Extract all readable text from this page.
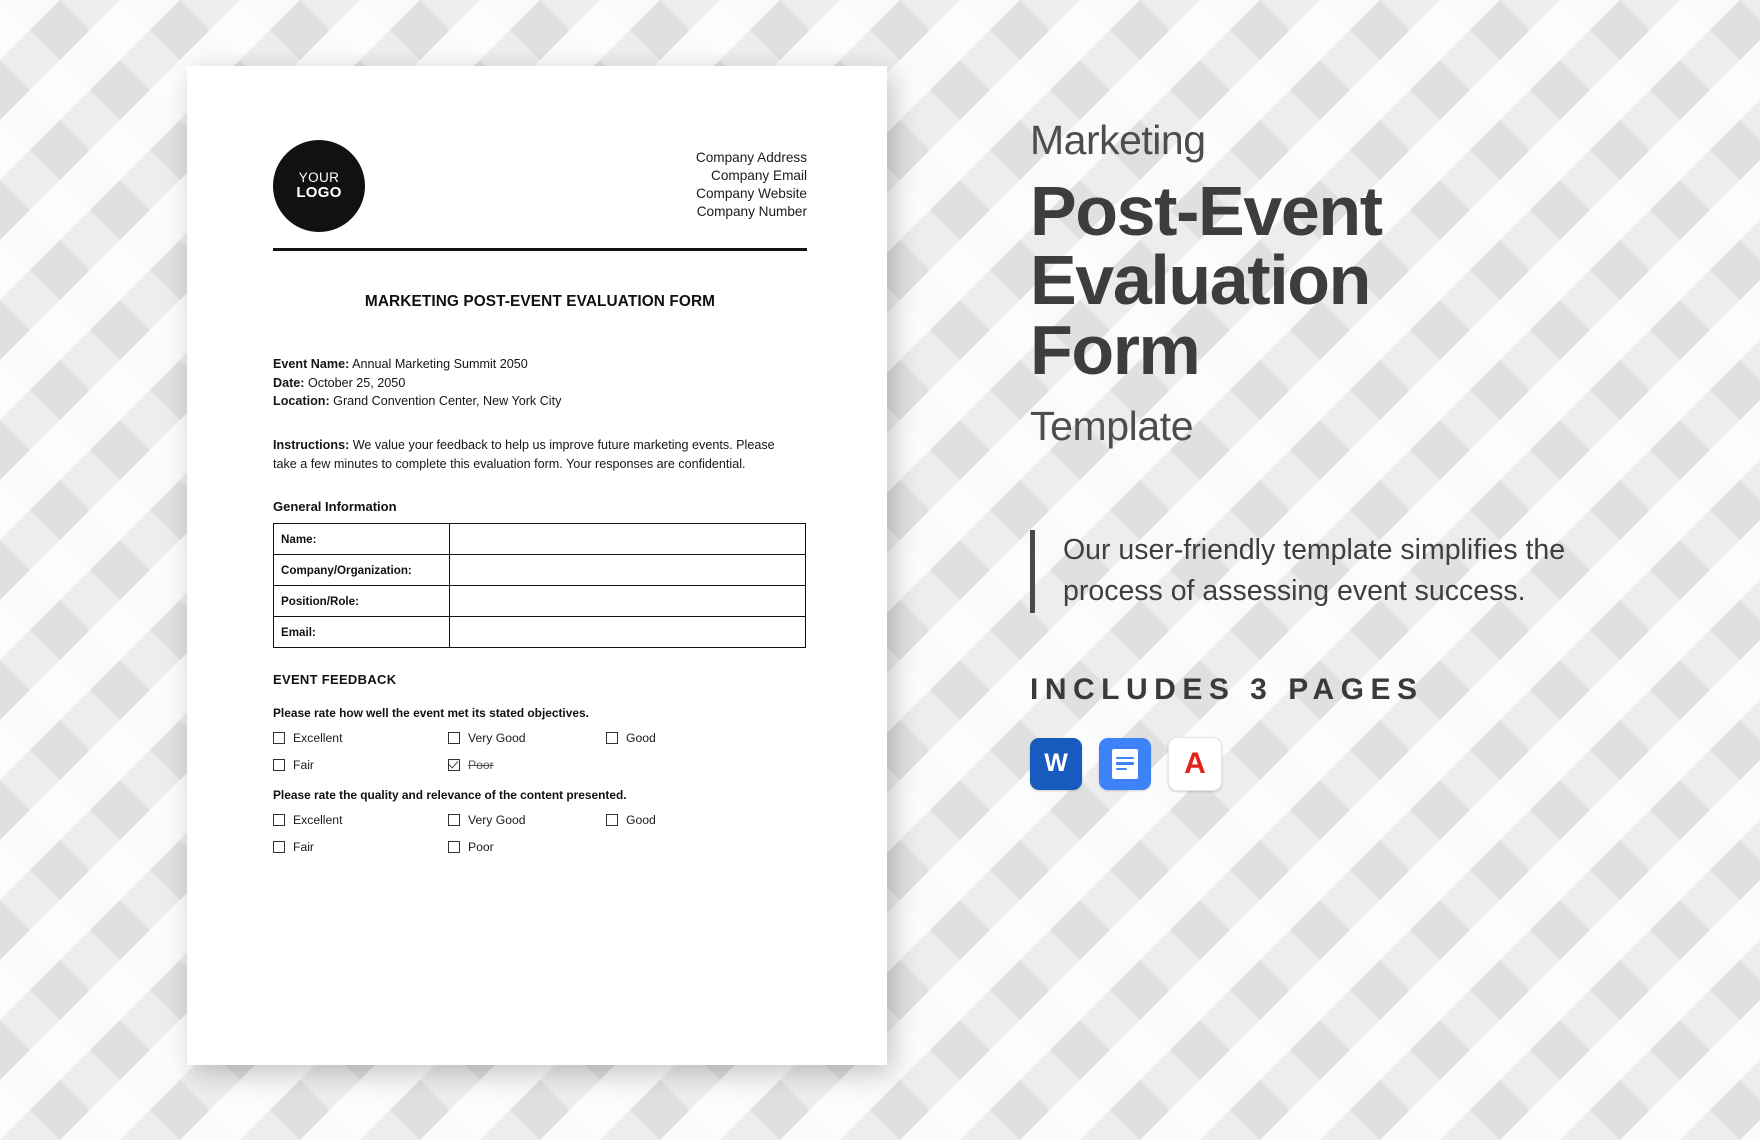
YOUR
LOGO
Company Address
Company Email
Company Website
Company Number
MARKETING POST-EVENT EVALUATION FORM
Event Name: Annual Marketing Summit 2050
Date: October 25, 2050
Location: Grand Convention Center, New York City
Instructions: We value your feedback to help us improve future marketing events. Please take a few minutes to complete this evaluation form. Your responses are confidential.
General Information
Name:	
Company/Organization:	
Position/Role:	
Email:	
EVENT FEEDBACK
Please rate how well the event met its stated objectives.
Excellent	Very Good	Good
Fair	Poor
Please rate the quality and relevance of the content presented.
Excellent	Very Good	Good
Fair	Poor
Marketing
Post-Event
Evaluation
Form
Template
Our user-friendly template simplifies the process of assessing event success.
INCLUDES 3 PAGES
W	A
